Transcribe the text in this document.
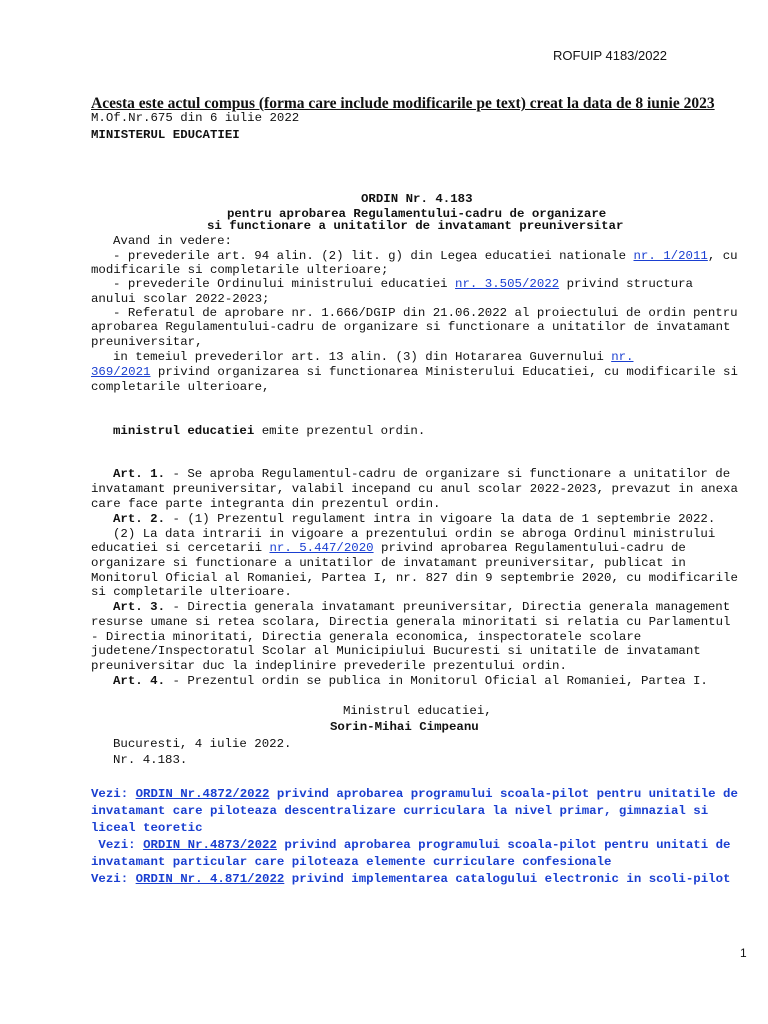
ROFUIP 4183/2022
Acesta este actul compus (forma care include modificarile pe text) creat la data de 8 iunie 2023
M.Of.Nr.675 din 6 iulie 2022
MINISTERUL EDUCATIEI
ORDIN Nr. 4.183
pentru aprobarea Regulamentului-cadru de organizare
si functionare a unitatilor de invatamant preuniversitar
Avand in vedere:
- prevederile art. 94 alin. (2) lit. g) din Legea educatiei nationale nr. 1/2011, cu
modificarile si completarile ulterioare;
- prevederile Ordinului ministrului educatiei nr. 3.505/2022 privind structura
anului scolar 2022-2023;
- Referatul de aprobare nr. 1.666/DGIP din 21.06.2022 al proiectului de ordin pentru
aprobarea Regulamentului-cadru de organizare si functionare a unitatilor de invatamant
preuniversitar,
in temeiul prevederilor art. 13 alin. (3) din Hotararea Guvernului nr.
369/2021 privind organizarea si functionarea Ministerului Educatiei, cu modificarile si
completarile ulterioare,
ministrul educatiei emite prezentul ordin.
Art. 1. - Se aproba Regulamentul-cadru de organizare si functionare a unitatilor de
invatamant preuniversitar, valabil incepand cu anul scolar 2022-2023, prevazut in anexa
care face parte integranta din prezentul ordin.
Art. 2. - (1) Prezentul regulament intra in vigoare la data de 1 septembrie 2022.
(2) La data intrarii in vigoare a prezentului ordin se abroga Ordinul ministrului
educatiei si cercetarii nr. 5.447/2020 privind aprobarea Regulamentului-cadru de
organizare si functionare a unitatilor de invatamant preuniversitar, publicat in
Monitorul Oficial al Romaniei, Partea I, nr. 827 din 9 septembrie 2020, cu modificarile
si completarile ulterioare.
Art. 3. - Directia generala invatamant preuniversitar, Directia generala management
resurse umane si retea scolara, Directia generala minoritati si relatia cu Parlamentul
- Directia minoritati, Directia generala economica, inspectoratele scolare
judetene/Inspectoratul Scolar al Municipiului Bucuresti si unitatile de invatamant
preuniversitar duc la indeplinire prevederile prezentului ordin.
Art. 4. - Prezentul ordin se publica in Monitorul Oficial al Romaniei, Partea I.
Ministrul educatiei,
Sorin-Mihai Cimpeanu
Bucuresti, 4 iulie 2022.
Nr. 4.183.
Vezi: ORDIN Nr.4872/2022 privind aprobarea programului scoala-pilot pentru unitatile de
invatamant care piloteaza descentralizare curriculara la nivel primar, gimnazial si
liceal teoretic
Vezi: ORDIN Nr.4873/2022 privind aprobarea programului scoala-pilot pentru unitati de
invatamant particular care piloteaza elemente curriculare confesionale
Vezi: ORDIN Nr. 4.871/2022 privind implementarea catalogului electronic in scoli-pilot
1
